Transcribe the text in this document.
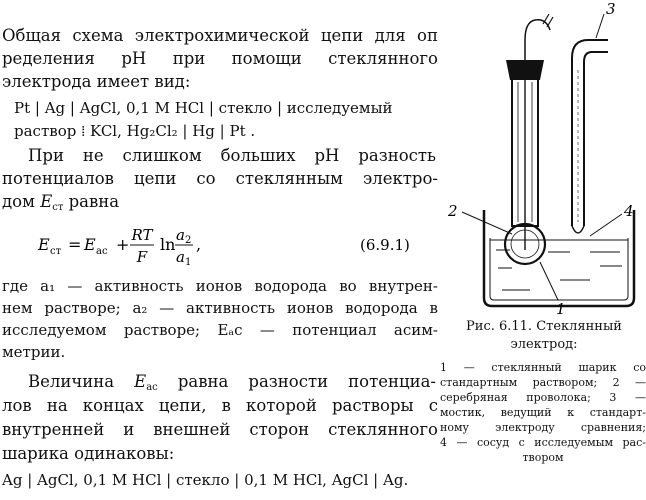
Общая схема электрохимической цепи для оп
ределения pH при помощи стеклянного
электрода имеет вид:
Pt | Ag | AgCl, 0,1 M HCl | стекло | исследуемый
раствор ⁞ KCl, Hg₂Cl₂ | Hg | Pt .
При не слишком больших pH разность
потенциалов цепи со стеклянным электро-
дом $E_{ст}$ равна
E ст = E ас + RT
F
ln a 2
a 1
,	(6.9.1)
где a₁ — активность ионов водорода во внутрен-
нем растворе; a₂ — активность ионов водорода в
исследуемом растворе; Eₐc — потенциал асим-
метрии.
Величина $E_{ас}$ равна разности потенциа-
лов на концах цепи, в которой растворы с
внутренней и внешней сторон стеклянного
шарика одинаковы:
Ag | AgCl, 0,1 M HCl | стекло | 0,1 M HCl, AgCl | Ag.
3
2	4
1
Рис. 6.11. Стеклянный
электрод:
1 — стеклянный шарик со
стандартным раствором; 2 —
серебряная проволока; 3 —
мостик, ведущий к стандарт-
ному электроду сравнения;
4 — сосуд с исследуемым рас-
твором
